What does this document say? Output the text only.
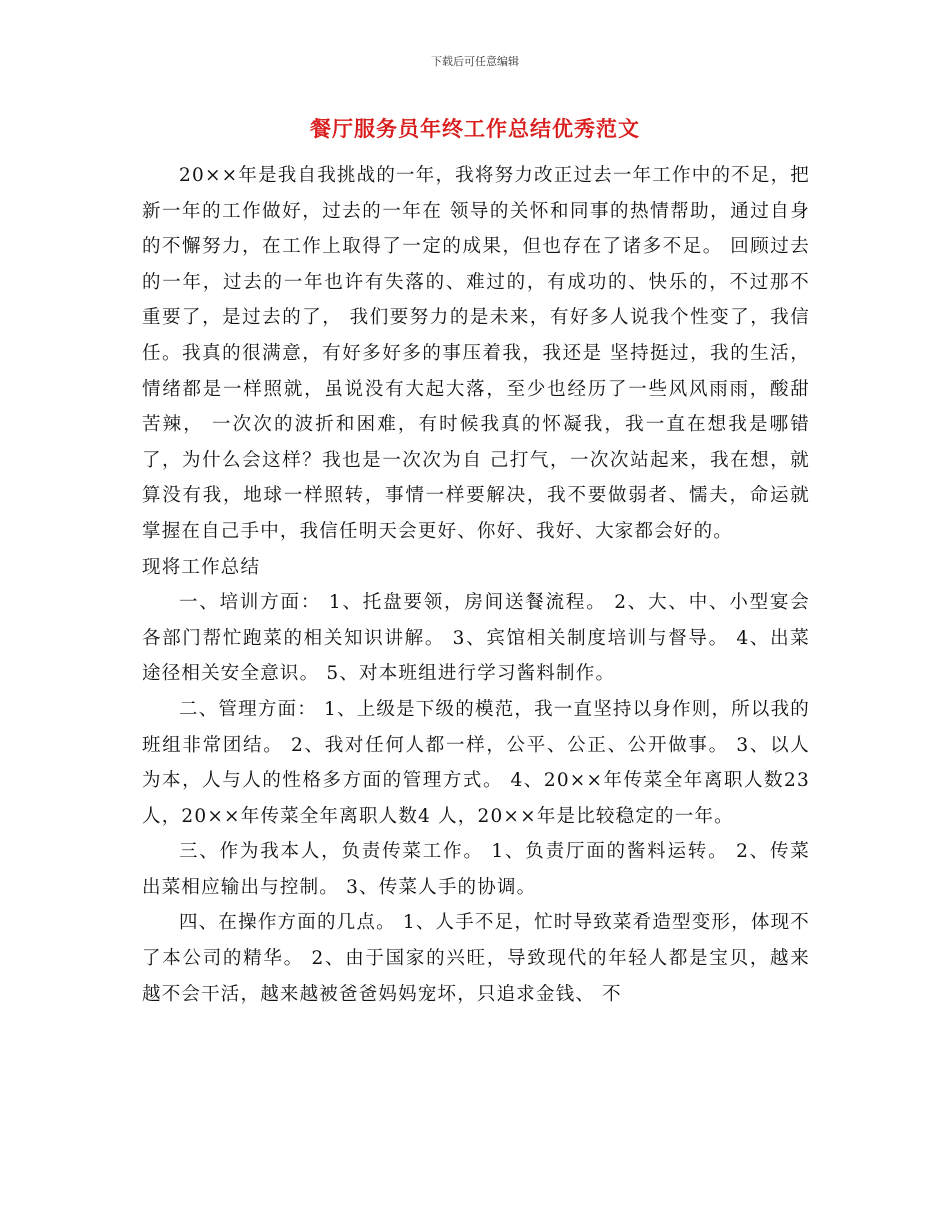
下载后可任意编辑
餐厅服务员年终工作总结优秀范文

20××年是我自我挑战的一年，我将努力改正过去一年工作中的不足，把新一年的工作做好，过去的一年在 领导的关怀和同事的热情帮助，通过自身的不懈努力，在工作上取得了一定的成果，但也存在了诸多不足。 回顾过去的一年，过去的一年也许有失落的、难过的，有成功的、快乐的，不过那不重要了，是过去的了， 我们要努力的是未来，有好多人说我个性变了，我信任。我真的很满意，有好多好多的事压着我，我还是 坚持挺过，我的生活，情绪都是一样照就，虽说没有大起大落，至少也经历了一些风风雨雨，酸甜苦辣， 一次次的波折和困难，有时候我真的怀凝我，我一直在想我是哪错了，为什么会这样？我也是一次次为自 己打气，一次次站起来，我在想，就算没有我，地球一样照转，事情一样要解决，我不要做弱者、懦夫，命运就掌握在自己手中，我信任明天会更好、你好、我好、大家都会好的。

现将工作总结

一、培训方面： 1、托盘要领，房间送餐流程。 2、大、中、小型宴会各部门帮忙跑菜的相关知识讲解。 3、宾馆相关制度培训与督导。 4、出菜途径相关安全意识。 5、对本班组进行学习酱料制作。

二、管理方面： 1、上级是下级的模范，我一直坚持以身作则，所以我的班组非常团结。 2、我对任何人都一样，公平、公正、公开做事。 3、以人为本，人与人的性格多方面的管理方式。 4、20××年传菜全年离职人数23 人，20××年传菜全年离职人数4 人，20××年是比较稳定的一年。

三、作为我本人，负责传菜工作。 1、负责厅面的酱料运转。 2、传菜出菜相应输出与控制。 3、传菜人手的协调。

四、在操作方面的几点。 1、人手不足，忙时导致菜肴造型变形，体现不了本公司的精华。 2、由于国家的兴旺，导致现代的年轻人都是宝贝，越来越不会干活，越来越被爸爸妈妈宠坏，只追求金钱、 不
